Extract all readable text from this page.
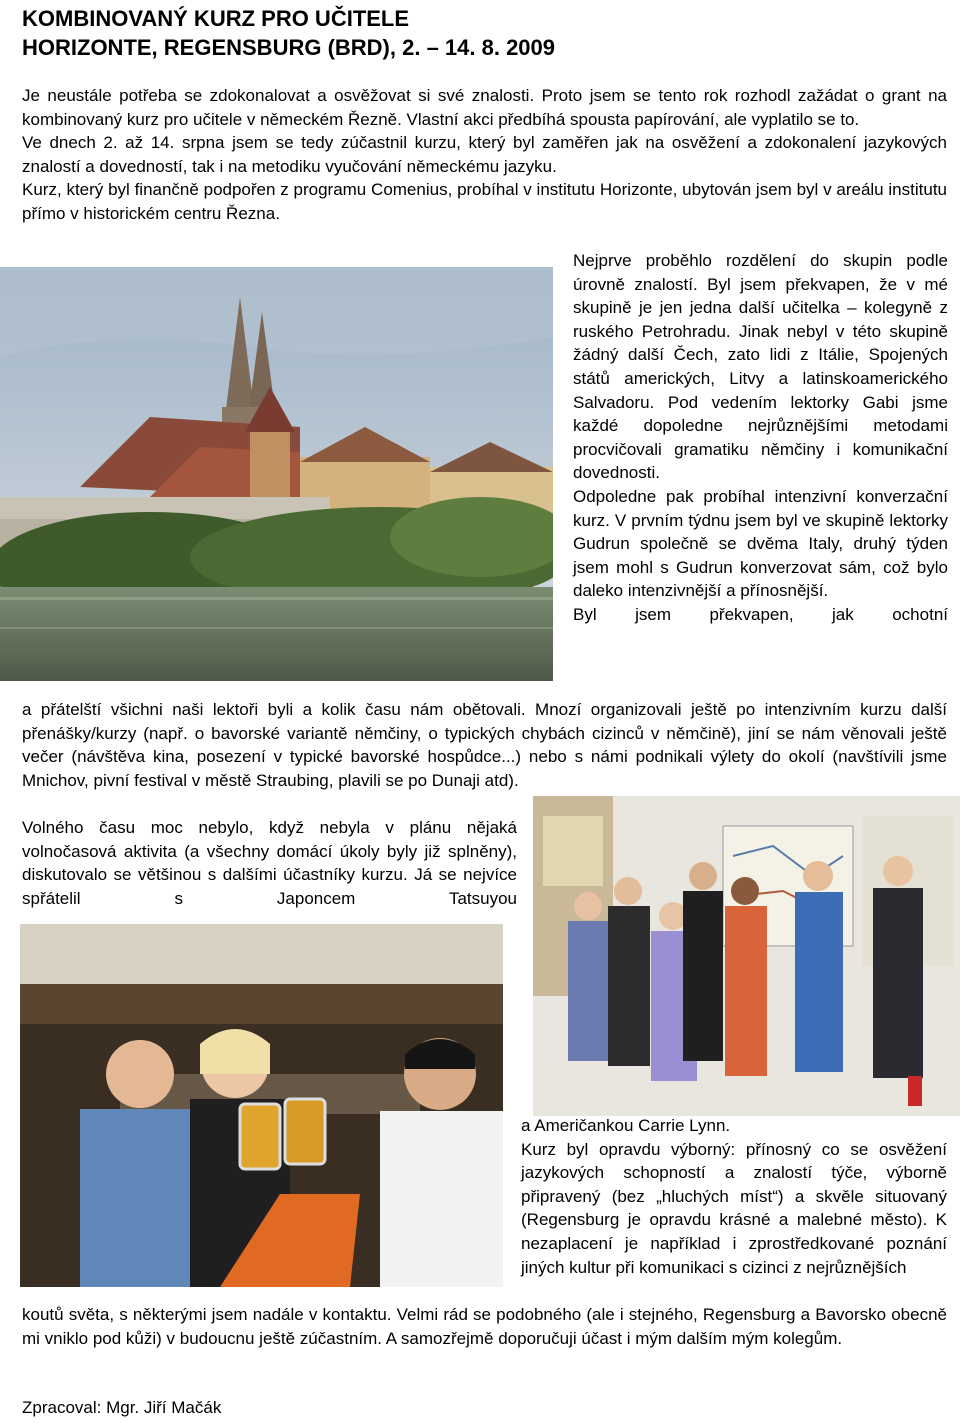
KOMBINOVANÝ KURZ PRO UČITELE
HORIZONTE, REGENSBURG (BRD), 2. – 14. 8. 2009

Je neustále potřeba se zdokonalovat a osvěžovat si své znalosti. Proto jsem se tento rok rozhodl zažádat o grant na kombinovaný kurz pro učitele v německém Řezně. Vlastní akci předbíhá spousta papírování, ale vyplatilo se to.

Ve dnech 2. až 14. srpna jsem se tedy zúčastnil kurzu, který byl zaměřen jak na osvěžení a zdokonalení jazykových znalostí a dovedností, tak i na metodiku vyučování německému jazyku.

Kurz, který byl finančně podpořen z programu Comenius, probíhal v institutu Horizonte, ubytován jsem byl v areálu institutu přímo v historickém centru Řezna.

Nejprve proběhlo rozdělení do skupin podle úrovně znalostí. Byl jsem překvapen, že v mé skupině je jen jedna další učitelka – kolegyně z ruského Petrohradu. Jinak nebyl v této skupině žádný další Čech, zato lidi z Itálie, Spojených států amerických, Litvy a latinskoamerického Salvadoru. Pod vedením lektorky Gabi jsme každé dopoledne nejrůznějšími metodami procvičovali gramatiku němčiny i komunikační dovednosti.

Odpoledne pak probíhal intenzivní konverzační kurz. V prvním týdnu jsem byl ve skupině lektorky Gudrun společně se dvěma Italy, druhý týden jsem mohl s Gudrun konverzovat sám, což bylo daleko intenzivnější a přínosnější.

Byl jsem překvapen, jak ochotní

a přátelští všichni naši lektoři byli a kolik času nám obětovali. Mnozí organizovali ještě po intenzivním kurzu další přenášky/kurzy (např. o bavorské variantě němčiny, o typických chybách cizinců v němčině), jiní se nám věnovali ještě večer (návštěva kina, posezení v typické bavorské hospůdce...) nebo s námi podnikali výlety do okolí (navštívili jsme Mnichov, pivní festival v městě Straubing, plavili se po Dunaji atd).

Volného času moc nebylo, když nebyla v plánu nějaká volnočasová aktivita (a všechny domácí úkoly byly již splněny), diskutovalo se většinou s dalšími účastníky kurzu. Já se nejvíce spřátelil s Japoncem Tatsuyou

a Američankou Carrie Lynn.

Kurz byl opravdu výborný: přínosný co se osvěžení jazykových schopností a znalostí týče, výborně připravený (bez „hluchých míst“) a skvěle situovaný (Regensburg je opravdu krásné a malebné město). K nezaplacení je například i zprostředkované poznání jiných kultur při komunikaci s cizinci z nejrůznějších

koutů světa, s některými jsem nadále v kontaktu. Velmi rád se podobného (ale i stejného, Regensburg a Bavorsko obecně mi vniklo pod kůži) v budoucnu ještě zúčastním. A samozřejmě doporučuji účast i mým dalším mým kolegům.

Zpracoval: Mgr. Jiří Mačák
